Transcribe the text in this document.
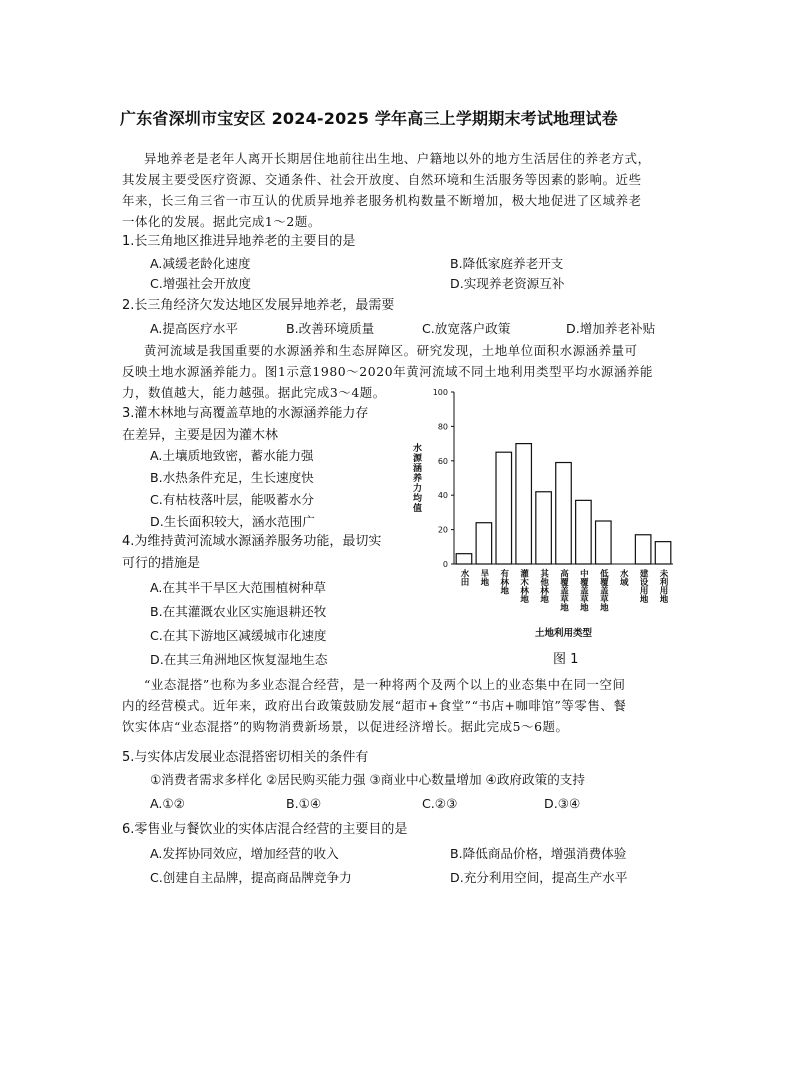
广东省深圳市宝安区 2024-2025 学年高三上学期期末考试地理试卷
异地养老是老年人离开长期居住地前往出生地、户籍地以外的地方生活居住的养老方式，
其发展主要受医疗资源、交通条件、社会开放度、自然环境和生活服务等因素的影响。近些
年来，长三角三省一市互认的优质异地养老服务机构数量不断增加，极大地促进了区域养老
一体化的发展。据此完成1～2题。
1.长三角地区推进异地养老的主要目的是
A.减缓老龄化速度	B.降低家庭养老开支
C.增强社会开放度	D.实现养老资源互补
2.长三角经济欠发达地区发展异地养老，最需要
A.提高医疗水平	B.改善环境质量	C.放宽落户政策	D.增加养老补贴
黄河流域是我国重要的水源涵养和生态屏障区。研究发现，土地单位面积水源涵养量可
反映土地水源涵养能力。图1示意1980～2020年黄河流域不同土地利用类型平均水源涵养能
力，数值越大，能力越强。据此完成3～4题。
3.灌木林地与高覆盖草地的水源涵养能力存
在差异，主要是因为灌木林
A.土壤质地致密，蓄水能力强
B.水热条件充足，生长速度快
C.有枯枝落叶层，能吸蓄水分
D.生长面积较大，涵水范围广
4.为维持黄河流域水源涵养服务功能，最切实
可行的措施是
A.在其半干旱区大范围植树种草
B.在其灌溉农业区实施退耕还牧
C.在其下游地区减缓城市化速度
D.在其三角洲地区恢复湿地生态
0
20
40
60
80
100
水源涵养力均值
水田 旱地 有林地 灌木林地 其他林地 高覆盖草地 中覆盖草地 低覆盖草地 水域 建设用地 未利用地
土地利用类型
图 1
“业态混搭”也称为多业态混合经营，是一种将两个及两个以上的业态集中在同一空间
内的经营模式。近年来，政府出台政策鼓励发展“超市+食堂”“书店+咖啡馆”等零售、餐
饮实体店“业态混搭”的购物消费新场景，以促进经济增长。据此完成5～6题。
5.与实体店发展业态混搭密切相关的条件有
①消费者需求多样化 ②居民购买能力强 ③商业中心数量增加 ④政府政策的支持
A.①②	B.①④	C.②③	D.③④
6.零售业与餐饮业的实体店混合经营的主要目的是
A.发挥协同效应，增加经营的收入	B.降低商品价格，增强消费体验
C.创建自主品牌，提高商品牌竞争力	D.充分利用空间，提高生产水平
